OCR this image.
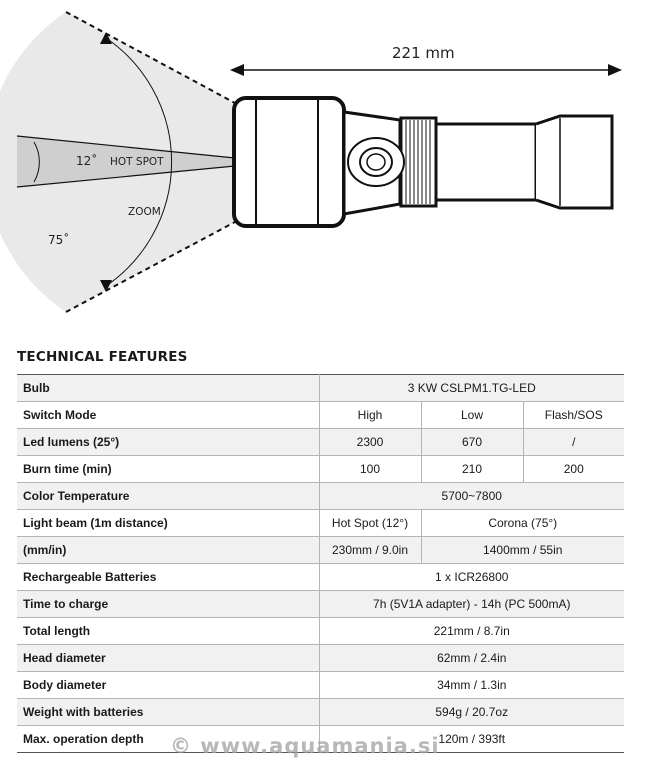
221 mm
12˚ HOT SPOT
ZOOM
75˚
TECHNICAL FEATURES
Bulb	3 KW CSLPM1.TG-LED		
Switch Mode	High	Low	Flash/SOS
Led lumens (25°)	2300	670	/
Burn time (min)	100	210	200
Color Temperature	5700~7800		
Light beam (1m distance)	Hot Spot (12°)	Corona (75°)	
(mm/in)	230mm / 9.0in	1400mm / 55in	
Rechargeable Batteries	1 x ICR26800		
Time to charge	7h (5V1A adapter) - 14h (PC 500mA)		
Total length	221mm / 8.7in		
Head diameter	62mm / 2.4in		
Body diameter	34mm / 1.3in		
Weight with batteries	594g / 20.7oz		
Max. operation depth	120m / 393ft		
© www.aquamania.si
